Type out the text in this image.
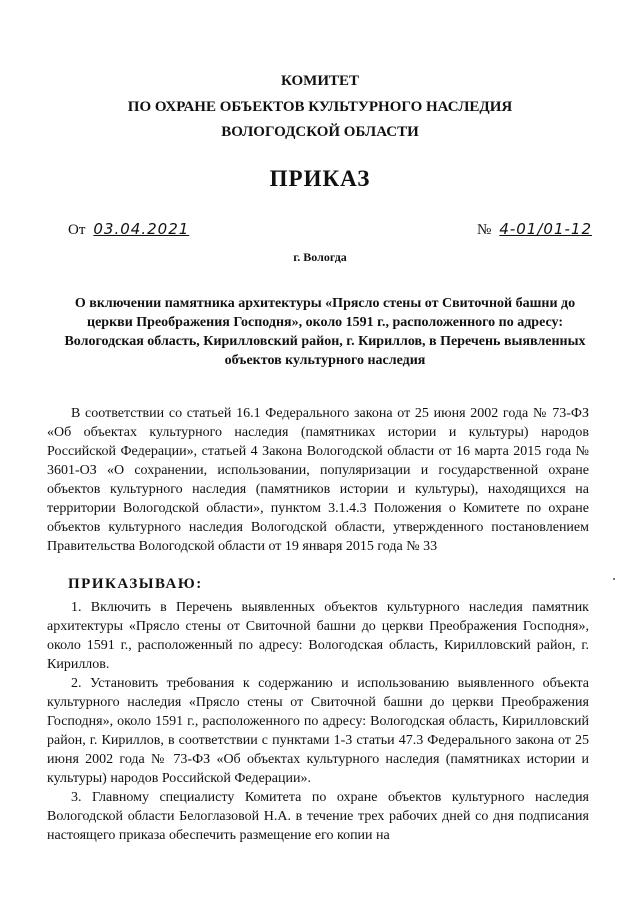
КОМИТЕТ
ПО ОХРАНЕ ОБЪЕКТОВ КУЛЬТУРНОГО НАСЛЕДИЯ
ВОЛОГОДСКОЙ ОБЛАСТИ
ПРИКАЗ
От 03.04.2021	№ 4-01/01-12
г. Вологда
О включении памятника архитектуры «Прясло стены от Свиточной башни до церкви Преображения Господня», около 1591 г., расположенного по адресу: Вологодская область, Кирилловский район, г. Кириллов, в Перечень выявленных объектов культурного наследия

В соответствии со статьей 16.1 Федерального закона от 25 июня 2002 года № 73-ФЗ «Об объектах культурного наследия (памятниках истории и культуры) народов Российской Федерации», статьей 4 Закона Вологодской области от 16 марта 2015 года № 3601-ОЗ «О сохранении, использовании, популяризации и государственной охране объектов культурного наследия (памятников истории и культуры), находящихся на территории Вологодской области», пунктом 3.1.4.3 Положения о Комитете по охране объектов культурного наследия Вологодской области, утвержденного постановлением Правительства Вологодской области от 19 января 2015 года № 33

ПРИКАЗЫВАЮ:

1. Включить в Перечень выявленных объектов культурного наследия памятник архитектуры «Прясло стены от Свиточной башни до церкви Преображения Господня», около 1591 г., расположенный по адресу: Вологодская область, Кирилловский район, г. Кириллов.

2. Установить требования к содержанию и использованию выявленного объекта культурного наследия «Прясло стены от Свиточной башни до церкви Преображения Господня», около 1591 г., расположенного по адресу: Вологодская область, Кирилловский район, г. Кириллов, в соответствии с пунктами 1-3 статьи 47.3 Федерального закона от 25 июня 2002 года № 73-ФЗ «Об объектах культурного наследия (памятниках истории и культуры) народов Российской Федерации».

3. Главному специалисту Комитета по охране объектов культурного наследия Вологодской области Белоглазовой Н.А. в течение трех рабочих дней со дня подписания настоящего приказа обеспечить размещение его копии на
